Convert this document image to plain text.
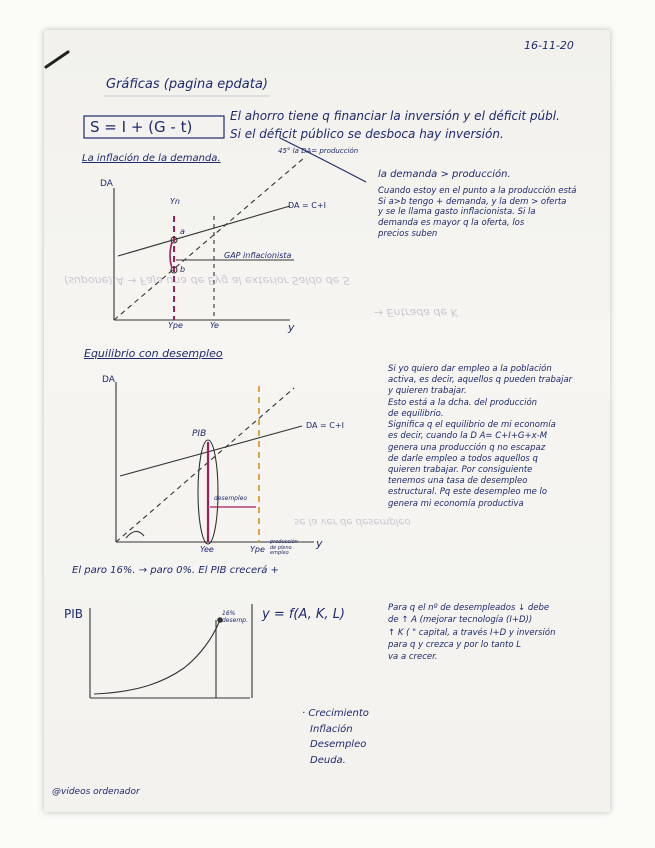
(supone) A → Faja una de Eyg al exterior Saldo de S
→ Entrada de K
se la ver de desempleo
16-11-20
Gráficas (pagina epdata)
S = I + (G - t)
El ahorro tiene q financiar la inversión y el déficit públ.
Si el déficit público se desboca hay inversión.
La inflación de la demanda.
DA
y
45° la DA= producción
DA = C+I
Ype	Ye
Yn
a
b
GAP inflacionista
la demanda > producción.
Cuando estoy en el punto a la producción está
Si a>b tengo + demanda, y la dem > oferta
y se le llama gasto inflacionista. Si la
demanda es mayor q la oferta, los
precios suben
Equilibrio con desempleo
DA
y
DA = C+I
PIB
Yee	Ype
desempleo
producción
de pleno
empleo
Si yo quiero dar empleo a la población
activa, es decir, aquellos q pueden trabajar
y quieren trabajar.
Esto está a la dcha. del producción
de equilibrio.
Significa q el equilibrio de mi economía
es decir, cuando la D A= C+I+G+x-M
genera una producción q no escapaz
de darle empleo a todos aquellos q
quieren trabajar. Por consiguiente
tenemos una tasa de desempleo
estructural. Pq este desempleo me lo
genera mi economía productiva
El paro 16%. → paro 0%. El PIB crecerá +
PIB	16%
desemp. y = f(A, K, L)	Para q el nº de desempleados ↓ debe
de ↑ A (mejorar tecnología (I+D))
↑ K ( " capital, a través I+D y inversión
para q y crezca y por lo tanto L
va a crecer.
· Crecimiento
Inflación
Desempleo
Deuda.
@videos ordenador
